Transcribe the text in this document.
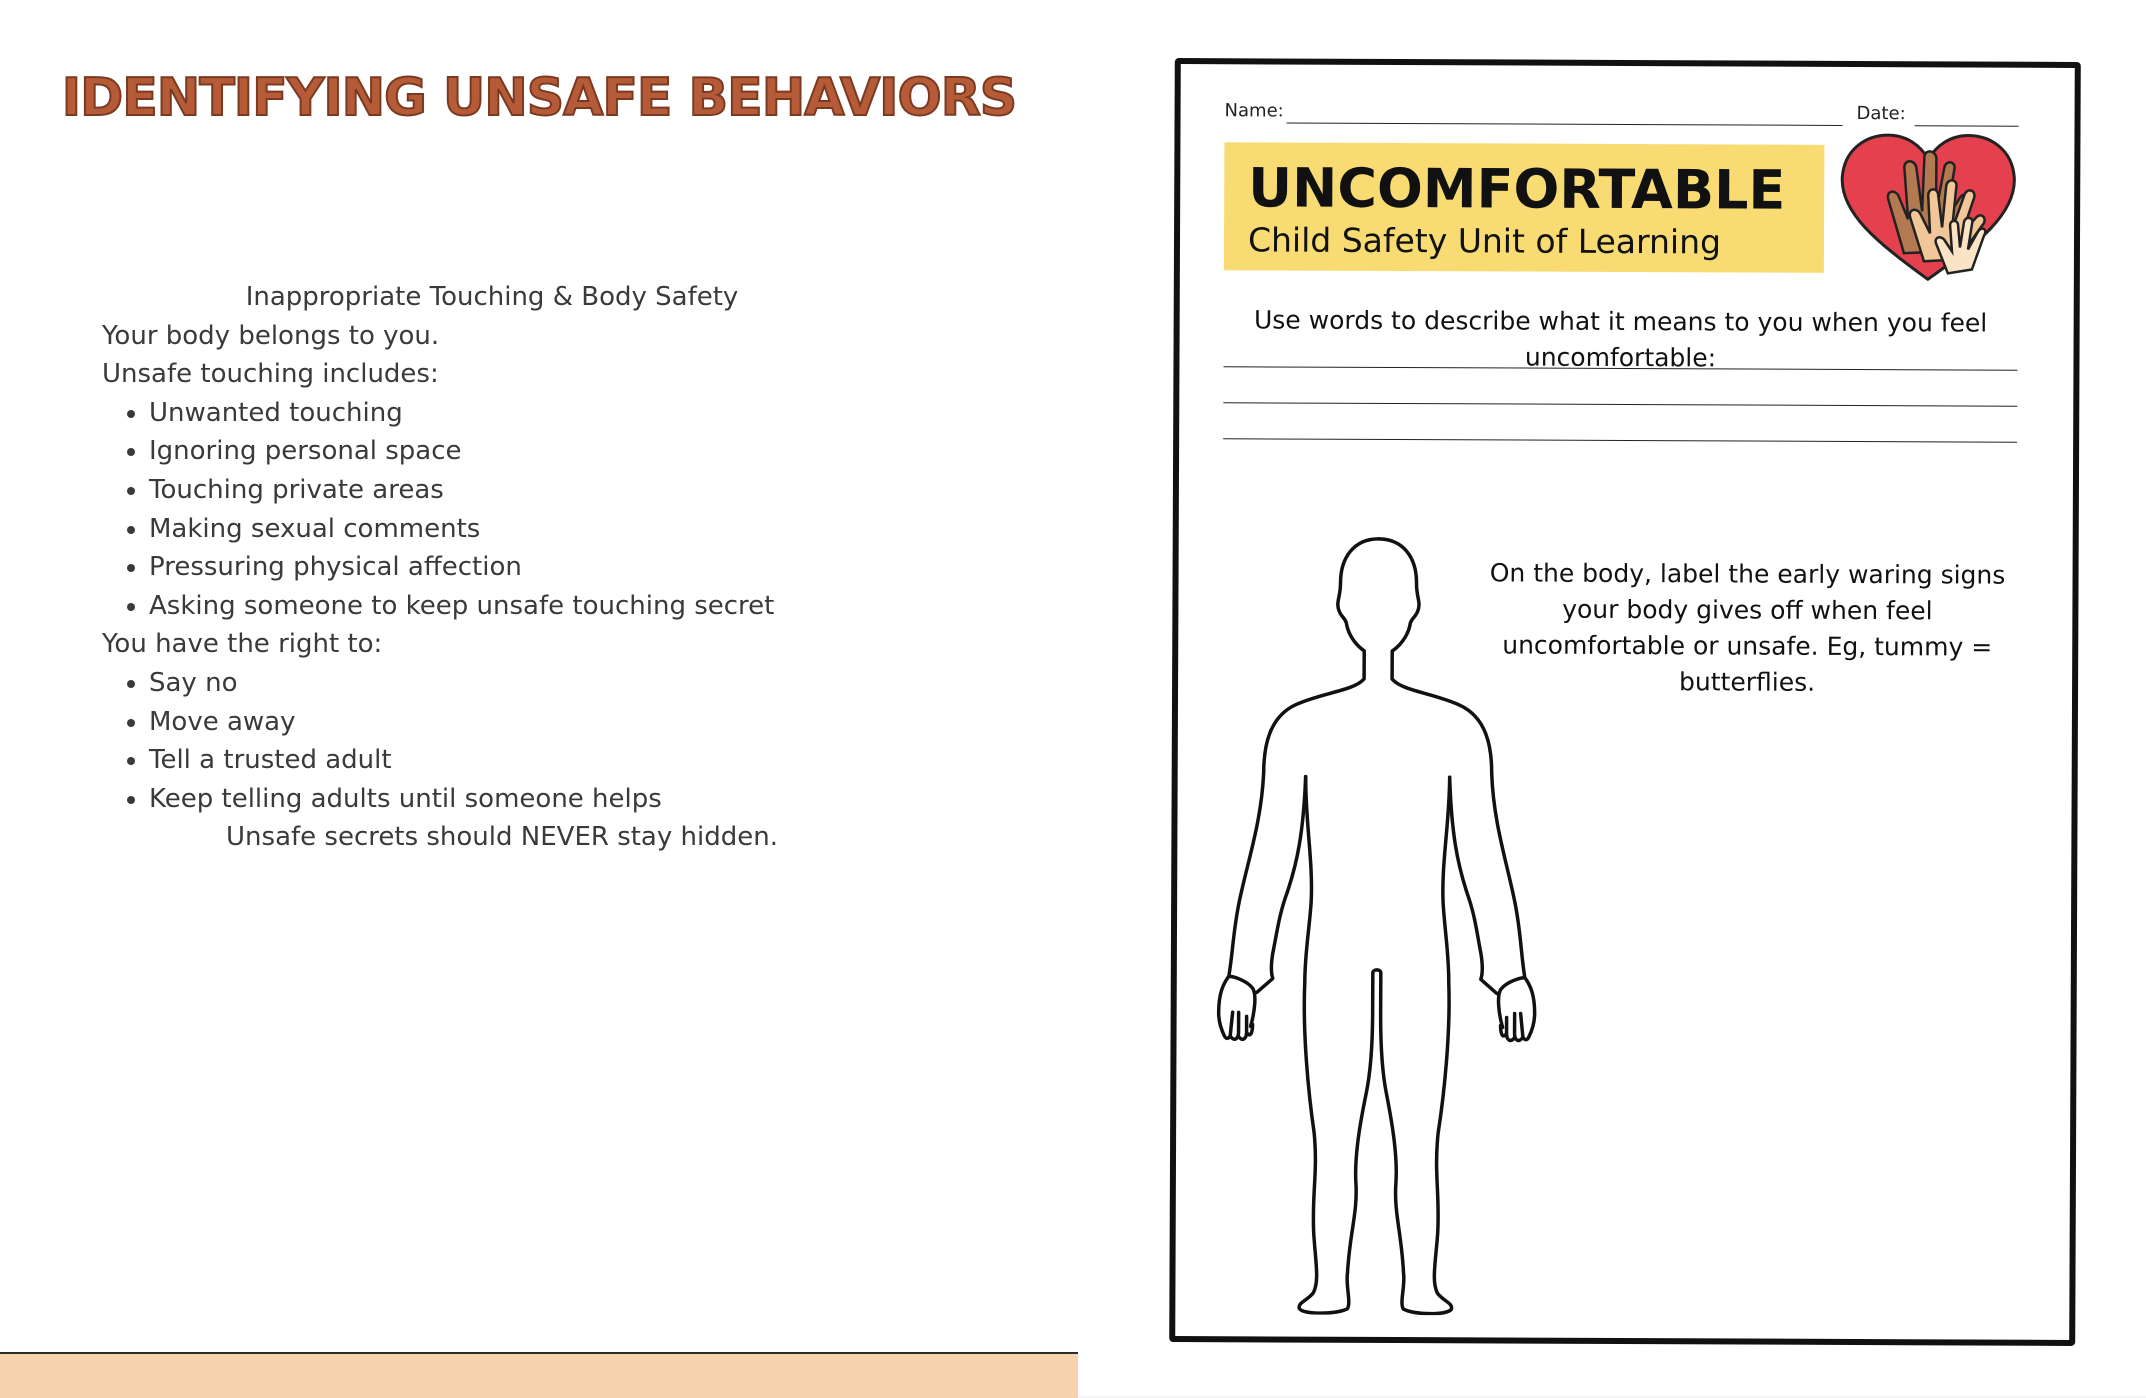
IDENTIFYING UNSAFE BEHAVIORS

Inappropriate Touching & Body Safety

Your body belongs to you.

Unsafe touching includes:

• Unwanted touching
• Ignoring personal space
• Touching private areas
• Making sexual comments
• Pressuring physical affection
• Asking someone to keep unsafe touching secret

You have the right to:

• Say no
• Move away
• Tell a trusted adult
• Keep telling adults until someone helps

Unsafe secrets should NEVER stay hidden.

Name:	Date:
UNCOMFORTABLE
Child Safety Unit of Learning
Use words to describe what it means to you when you feel uncomfortable:
On the body, label the early waring signs your body gives off when feel uncomfortable or unsafe. Eg, tummy = butterflies.
